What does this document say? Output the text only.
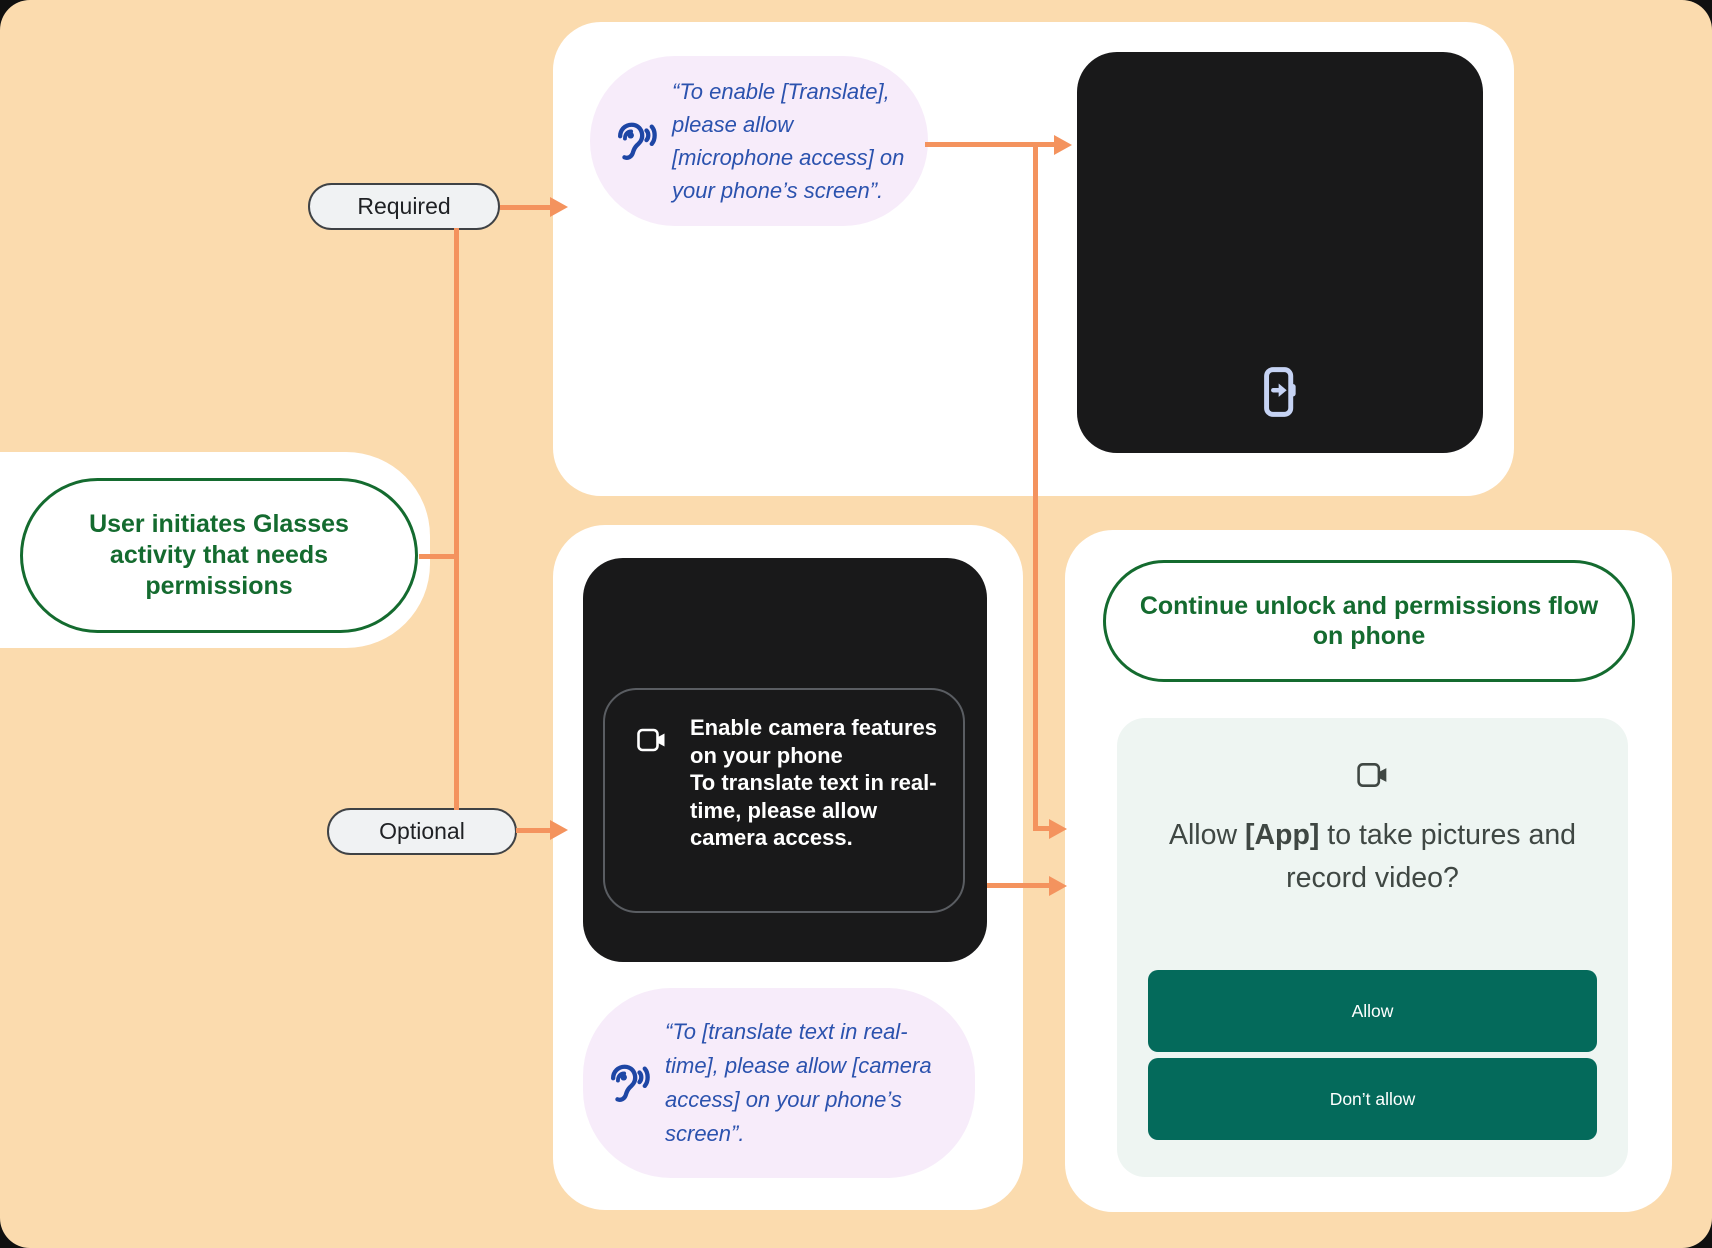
User initiates Glasses activity that needs permissions
Required
Optional
“To enable [Translate], please allow [microphone access] on your phone’s screen”.
Enable camera features on your phone
To translate text in real-time, please allow camera access.
“To [translate text in real-time], please allow [camera access] on your phone’s screen”.
Continue unlock and permissions flow on phone
Allow [App] to take pictures and record video?
Allow
Don’t allow
